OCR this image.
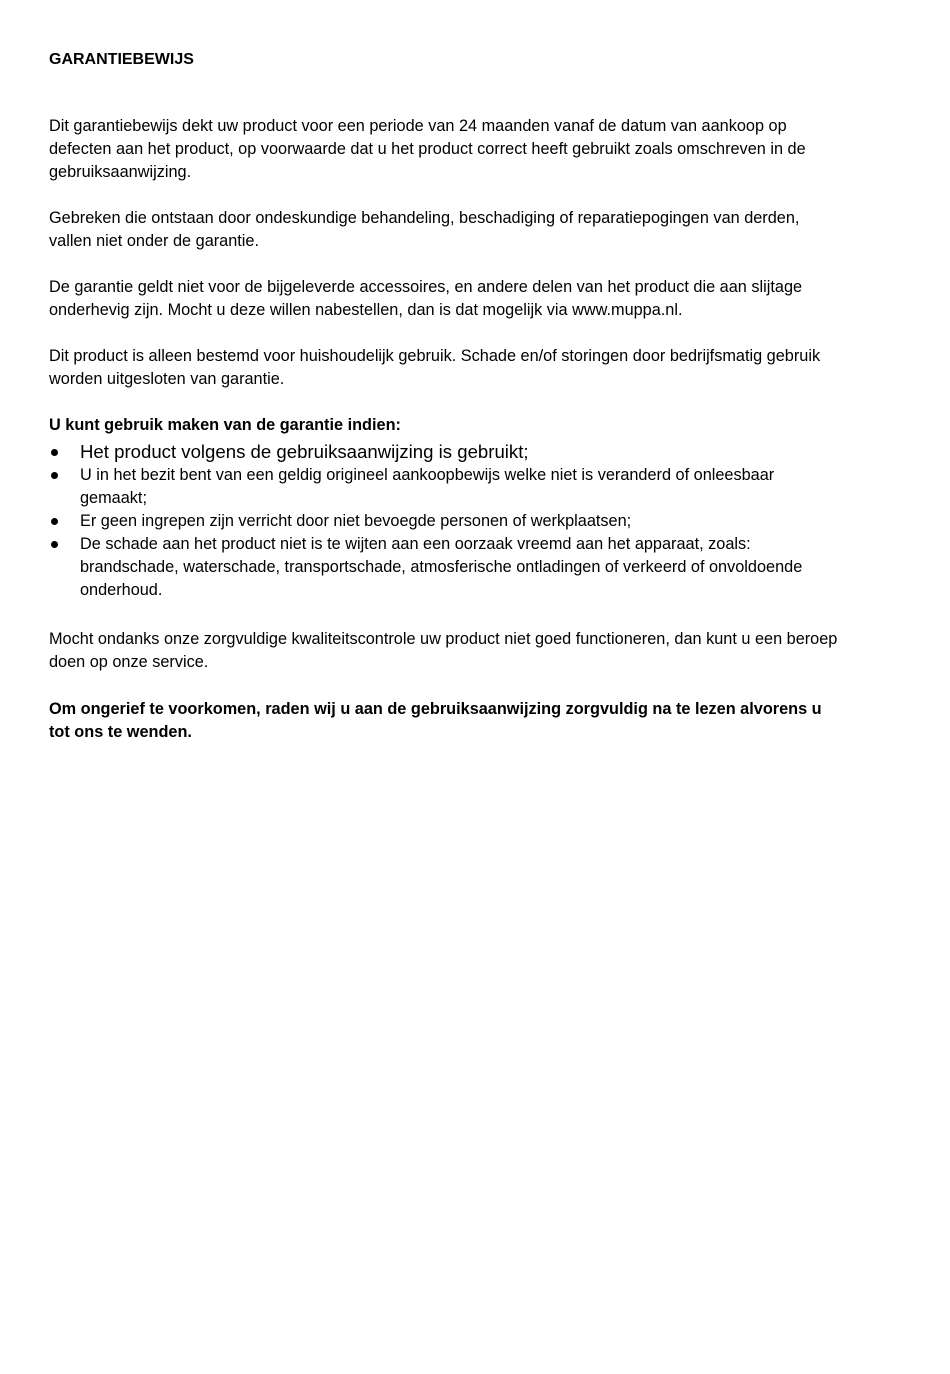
GARANTIEBEWIJS

Dit garantiebewijs dekt uw product voor een periode van 24 maanden vanaf de datum van aankoop op defecten aan het product, op voorwaarde dat u het product correct heeft gebruikt zoals omschreven in de gebruiksaanwijzing.

Gebreken die ontstaan door ondeskundige behandeling, beschadiging of reparatiepogingen van derden, vallen niet onder de garantie.

De garantie geldt niet voor de bijgeleverde accessoires, en andere delen van het product die aan slijtage onderhevig zijn. Mocht u deze willen nabestellen, dan is dat mogelijk via www.muppa.nl.

Dit product is alleen bestemd voor huishoudelijk gebruik. Schade en/of storingen door bedrijfsmatig gebruik worden uitgesloten van garantie.

U kunt gebruik maken van de garantie indien:

Het product volgens de gebruiksaanwijzing is gebruikt;
U in het bezit bent van een geldig origineel aankoopbewijs welke niet is veranderd of onleesbaar gemaakt;
Er geen ingrepen zijn verricht door niet bevoegde personen of werkplaatsen;
De schade aan het product niet is te wijten aan een oorzaak vreemd aan het apparaat, zoals: brandschade, waterschade, transportschade, atmosferische ontladingen of verkeerd of onvoldoende onderhoud.

Mocht ondanks onze zorgvuldige kwaliteitscontrole uw product niet goed functioneren, dan kunt u een beroep doen op onze service.

Om ongerief te voorkomen, raden wij u aan de gebruiksaanwijzing zorgvuldig na te lezen alvorens u tot ons te wenden.
